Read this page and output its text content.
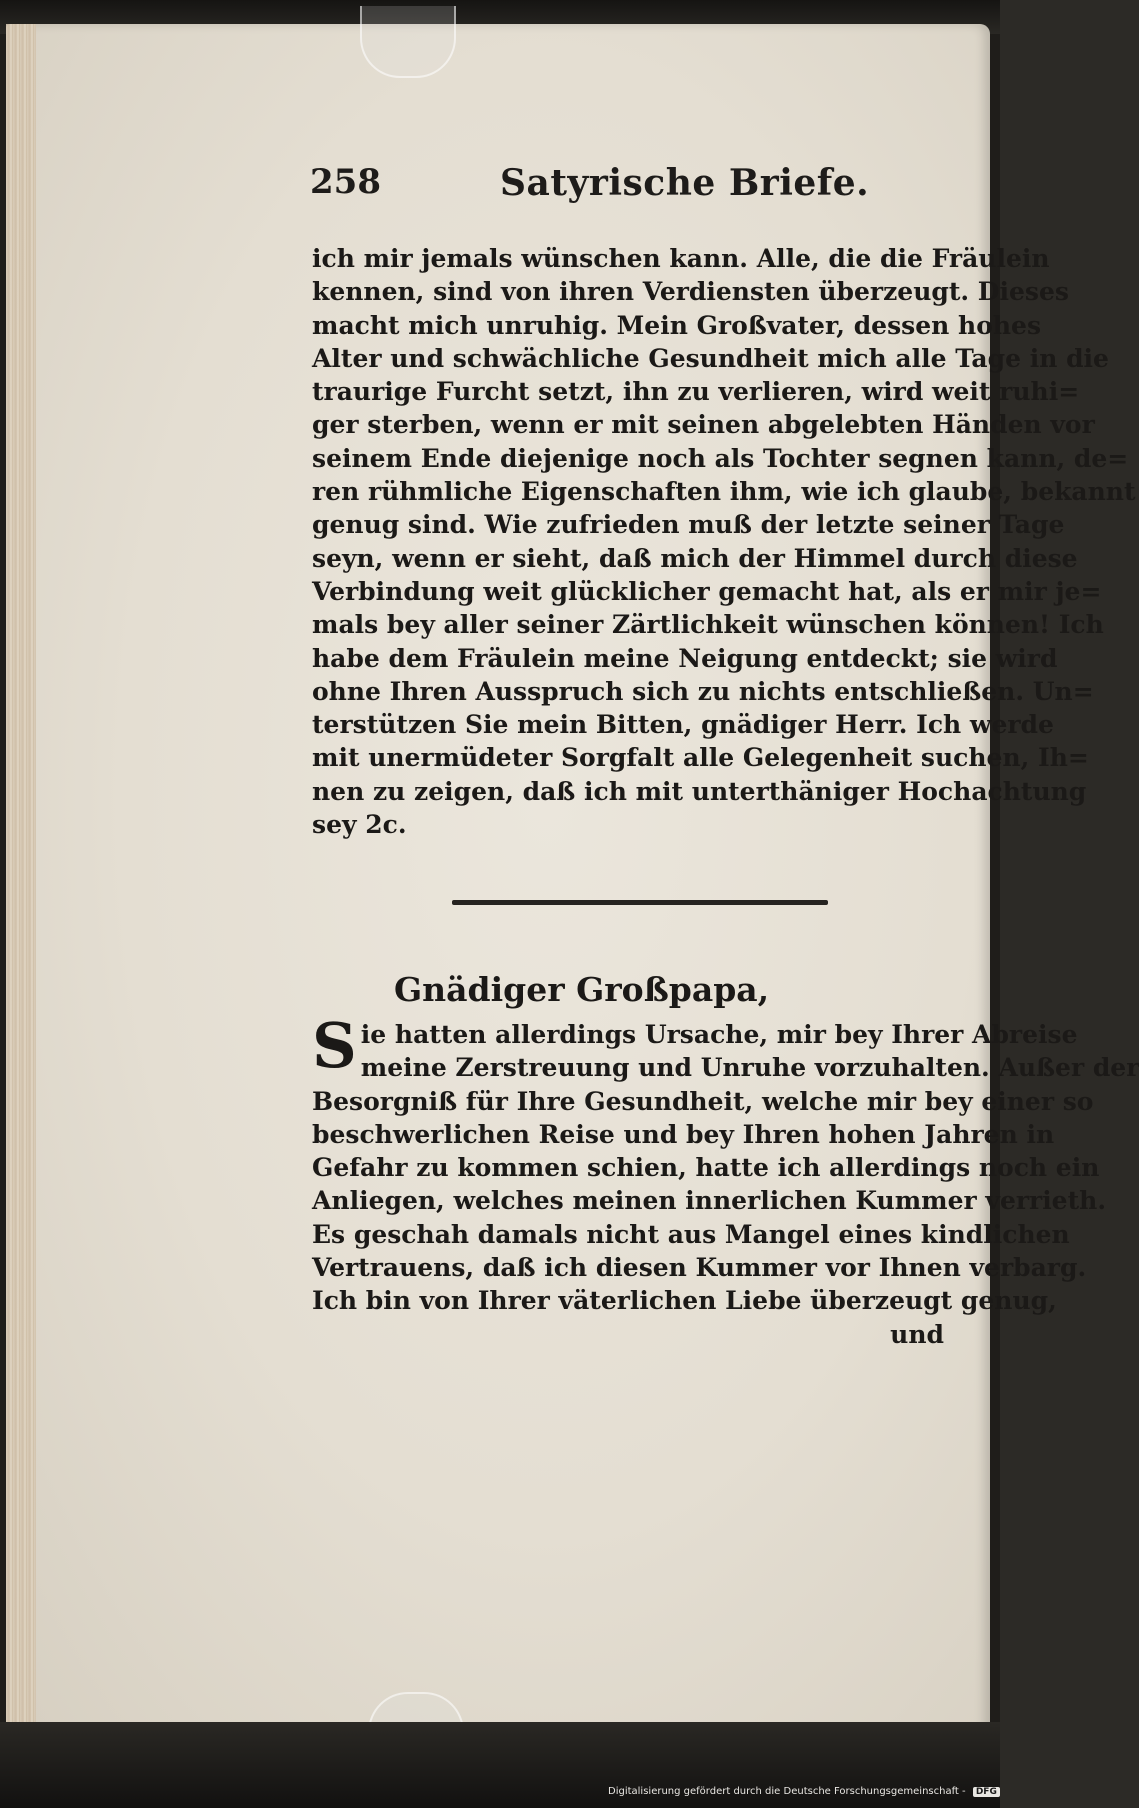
258	Satyrische Briefe.
ich mir jemals wünschen kann. Alle, die die Fräulein
kennen, sind von ihren Verdiensten überzeugt. Dieses
macht mich unruhig. Mein Großvater, dessen hohes
Alter und schwächliche Gesundheit mich alle Tage in die
traurige Furcht setzt, ihn zu verlieren, wird weit ruhi=
ger sterben, wenn er mit seinen abgelebten Händen vor
seinem Ende diejenige noch als Tochter segnen kann, de=
ren rühmliche Eigenschaften ihm, wie ich glaube, bekannt
genug sind. Wie zufrieden muß der letzte seiner Tage
seyn, wenn er sieht, daß mich der Himmel durch diese
Verbindung weit glücklicher gemacht hat, als er mir je=
mals bey aller seiner Zärtlichkeit wünschen können! Ich
habe dem Fräulein meine Neigung entdeckt; sie wird
ohne Ihren Ausspruch sich zu nichts entschließen. Un=
terstützen Sie mein Bitten, gnädiger Herr. Ich werde
mit unermüdeter Sorgfalt alle Gelegenheit suchen, Ih=
nen zu zeigen, daß ich mit unterthäniger Hochachtung
sey 2c.
Gnädiger Großpapa,
S ie hatten allerdings Ursache, mir bey Ihrer Abreise
meine Zerstreuung und Unruhe vorzuhalten. Außer der
Besorgniß für Ihre Gesundheit, welche mir bey einer so
beschwerlichen Reise und bey Ihren hohen Jahren in
Gefahr zu kommen schien, hatte ich allerdings noch ein
Anliegen, welches meinen innerlichen Kummer verrieth.
Es geschah damals nicht aus Mangel eines kindlichen
Vertrauens, daß ich diesen Kummer vor Ihnen verbarg.
Ich bin von Ihrer väterlichen Liebe überzeugt genug,
und
Digitalisierung gefördert durch die Deutsche Forschungsgemeinschaft - DFG
